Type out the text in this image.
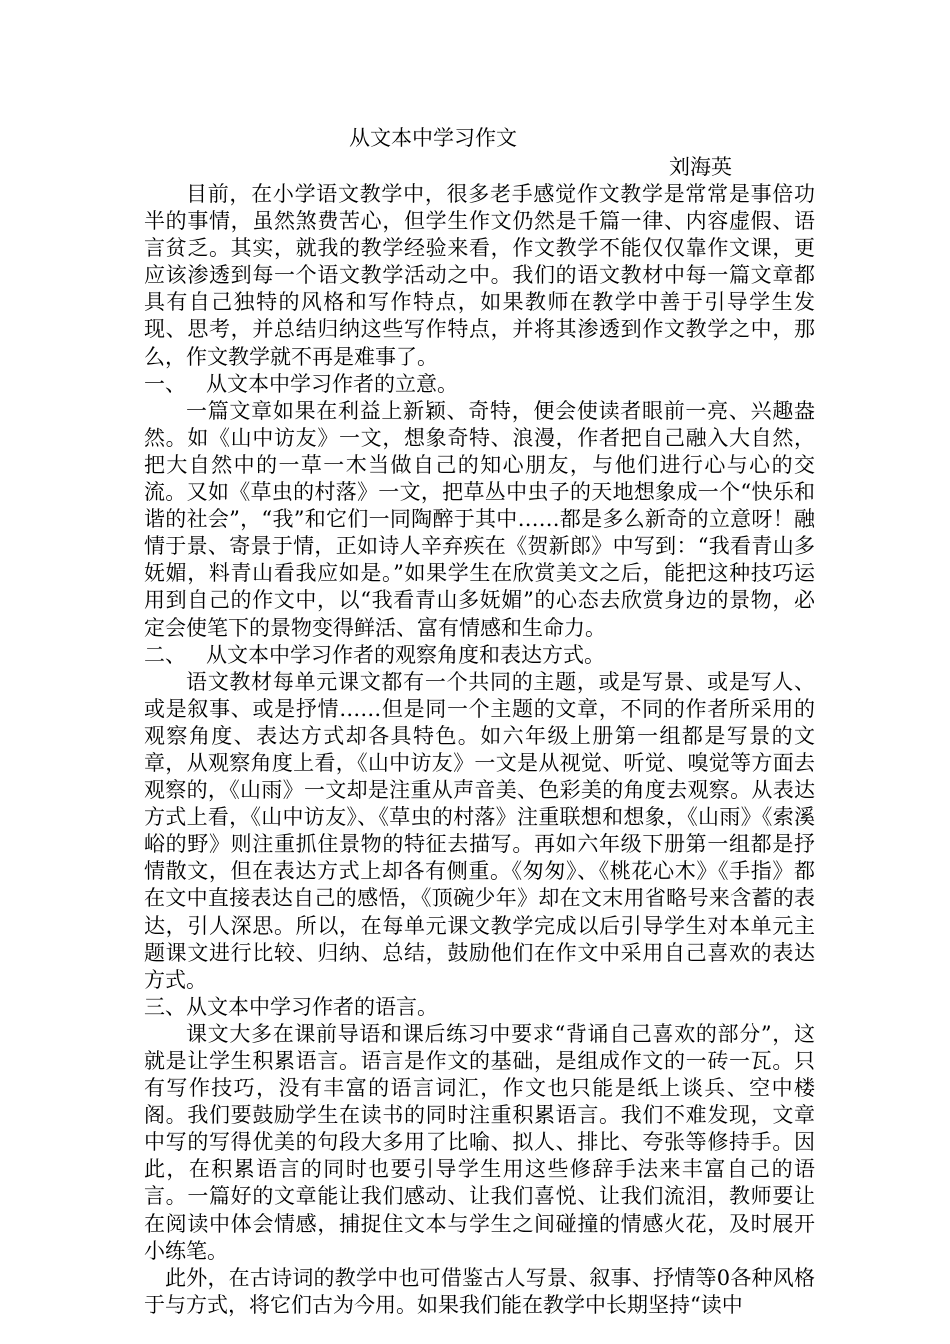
从文本中学习作文
刘海英

目前，在小学语文教学中，很多老手感觉作文教学是常常是事倍功半的事情，虽然煞费苦心，但学生作文仍然是千篇一律、内容虚假、语言贫乏。其实，就我的教学经验来看，作文教学不能仅仅靠作文课，更应该渗透到每一个语文教学活动之中。我们的语文教材中每一篇文章都具有自己独特的风格和写作特点，如果教师在教学中善于引导学生发现、思考，并总结归纳这些写作特点，并将其渗透到作文教学之中，那么，作文教学就不再是难事了。

一、   从文本中学习作者的立意。

一篇文章如果在利益上新颖、奇特，便会使读者眼前一亮、兴趣盎然。如《山中访友》一文，想象奇特、浪漫，作者把自己融入大自然，把大自然中的一草一木当做自己的知心朋友，与他们进行心与心的交流。又如《草虫的村落》一文，把草丛中虫子的天地想象成一个“快乐和谐的社会”，“我”和它们一同陶醉于其中……都是多么新奇的立意呀！融情于景、寄景于情，正如诗人辛弃疾在《贺新郎》中写到：“我看青山多妩媚，料青山看我应如是。”如果学生在欣赏美文之后，能把这种技巧运用到自己的作文中，以“我看青山多妩媚”的心态去欣赏身边的景物，必定会使笔下的景物变得鲜活、富有情感和生命力。

二、   从文本中学习作者的观察角度和表达方式。

语文教材每单元课文都有一个共同的主题，或是写景、或是写人、或是叙事、或是抒情……但是同一个主题的文章，不同的作者所采用的观察角度、表达方式却各具特色。如六年级上册第一组都是写景的文章，从观察角度上看，《山中访友》一文是从视觉、听觉、嗅觉等方面去观察的，《山雨》一文却是注重从声音美、色彩美的角度去观察。从表达方式上看，《山中访友》、《草虫的村落》注重联想和想象，《山雨》《索溪峪的野》则注重抓住景物的特征去描写。再如六年级下册第一组都是抒情散文，但在表达方式上却各有侧重。《匆匆》、《桃花心木》《手指》都在文中直接表达自己的感悟，《顶碗少年》却在文末用省略号来含蓄的表达，引人深思。所以，在每单元课文教学完成以后引导学生对本单元主题课文进行比较、归纳、总结，鼓励他们在作文中采用自己喜欢的表达方式。

三、从文本中学习作者的语言。

课文大多在课前导语和课后练习中要求“背诵自己喜欢的部分”，这就是让学生积累语言。语言是作文的基础，是组成作文的一砖一瓦。只有写作技巧，没有丰富的语言词汇，作文也只能是纸上谈兵、空中楼阁。我们要鼓励学生在读书的同时注重积累语言。我们不难发现，文章中写的写得优美的句段大多用了比喻、拟人、排比、夸张等修持手。因此，在积累语言的同时也要引导学生用这些修辞手法来丰富自己的语言。一篇好的文章能让我们感动、让我们喜悦、让我们流泪，教师要让在阅读中体会情感，捕捉住文本与学生之间碰撞的情感火花，及时展开小练笔。

此外，在古诗词的教学中也可借鉴古人写景、叙事、抒情等0各种风格于与方式，将它们古为今用。如果我们能在教学中长期坚持“读中
